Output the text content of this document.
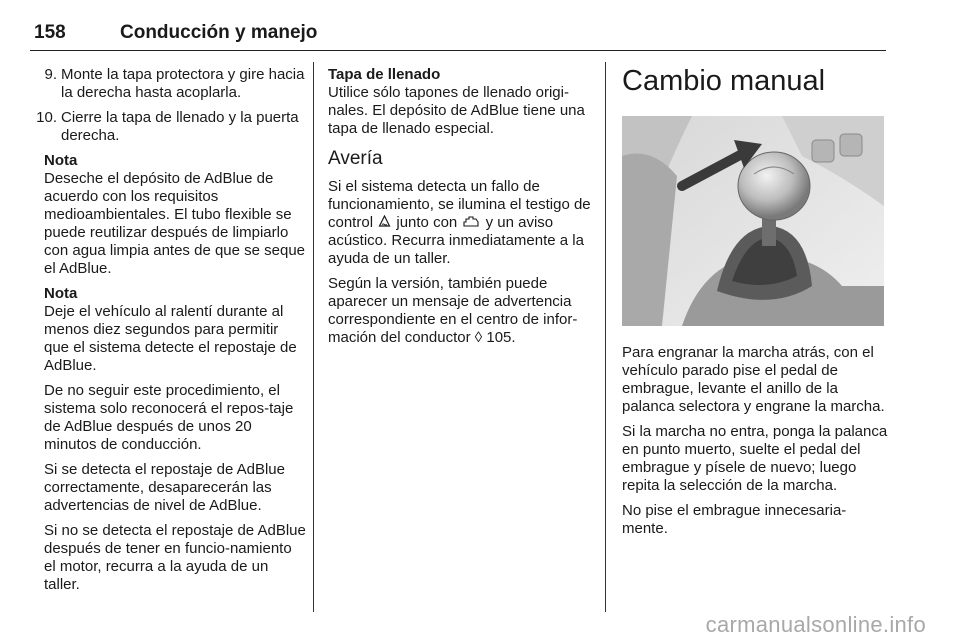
158	Conducción y manejo
9. Monte la tapa protectora y gire hacia la derecha hasta acoplarla.
10. Cierre la tapa de llenado y la puerta derecha.

Nota

Deseche el depósito de AdBlue de acuerdo con los requisitos medioambientales. El tubo flexible se puede reutilizar después de limpiarlo con agua limpia antes de que se seque el AdBlue.

Nota

Deje el vehículo al ralentí durante al menos diez segundos para permitir que el sistema detecte el repostaje de AdBlue.

De no seguir este procedimiento, el sistema solo reconocerá el repos-taje de AdBlue después de unos 20 minutos de conducción.

Si se detecta el repostaje de AdBlue correctamente, desaparecerán las advertencias de nivel de AdBlue.

Si no se detecta el repostaje de AdBlue después de tener en funcio-namiento el motor, recurra a la ayuda de un taller.

Tapa de llenado

Utilice sólo tapones de llenado origi-nales. El depósito de AdBlue tiene una tapa de llenado especial.

Avería

Si el sistema detecta un fallo de funcionamiento, se ilumina el testigo de control junto con y un aviso acústico. Recurra inmediatamente a la ayuda de un taller.

Según la versión, también puede aparecer un mensaje de advertencia correspondiente en el centro de infor-mación del conductor ◊ 105.

Cambio manual

Para engranar la marcha atrás, con el vehículo parado pise el pedal de embrague, levante el anillo de la palanca selectora y engrane la marcha.

Si la marcha no entra, ponga la palanca en punto muerto, suelte el pedal del embrague y písele de nuevo; luego repita la selección de la marcha.

No pise el embrague innecesaria-mente.

carmanualsonline.info
